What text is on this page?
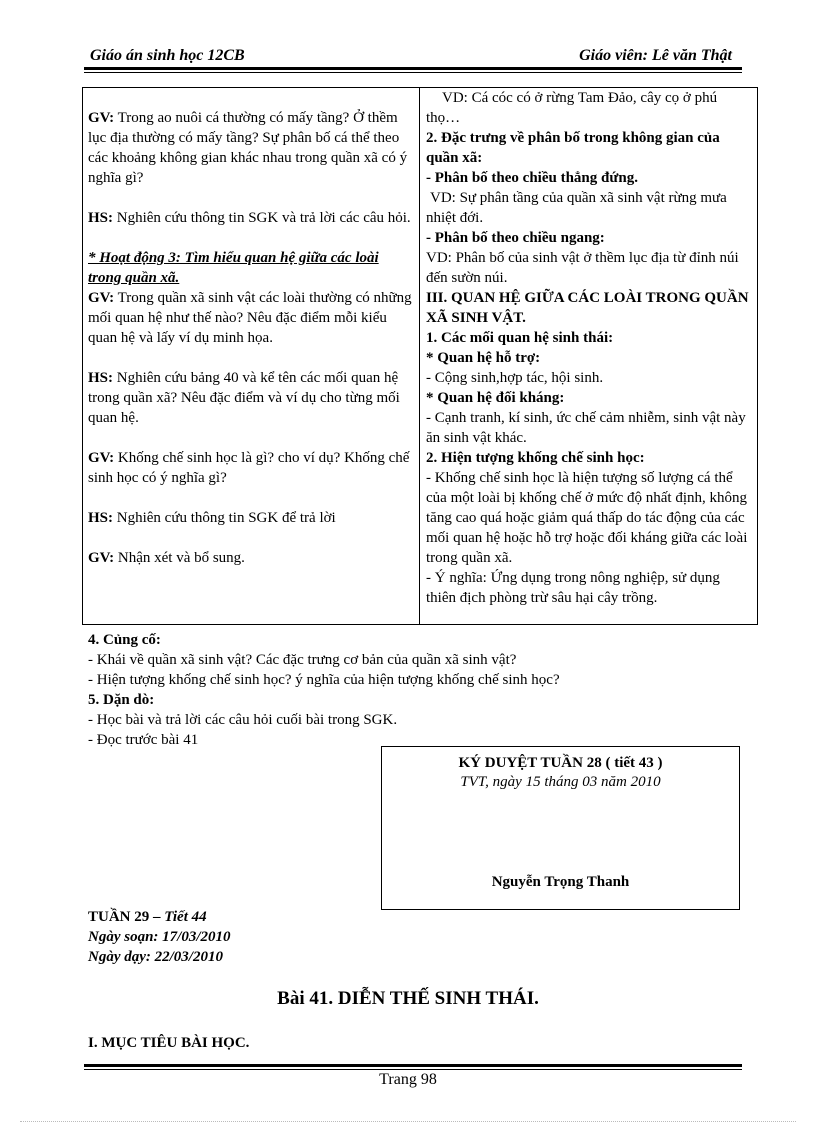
Giáo án sinh học 12CB	Giáo viên: Lê văn Thật

GV: Trong ao nuôi cá thường có mấy tầng? Ở thềm lục địa thường có mấy tầng? Sự phân bố cá thể theo các khoảng không gian khác nhau trong quần xã có ý nghĩa gì?

HS: Nghiên cứu thông tin SGK và trả lời các câu hỏi.

* Hoạt động 3: Tìm hiểu quan hệ giữa các loài trong quần xã.

GV: Trong quần xã sinh vật các loài thường có những mối quan hệ như thế nào? Nêu đặc điểm mỗi kiểu quan hệ và lấy ví dụ minh họa.

HS: Nghiên cứu bảng 40 và kể tên các mối quan hệ trong quần xã? Nêu đặc điểm và ví dụ cho từng mối quan hệ.

GV: Khống chế sinh học là gì? cho ví dụ? Khống chế sinh học có ý nghĩa gì?

HS: Nghiên cứu thông tin SGK để trả lời

GV: Nhận xét và bổ sung.

VD: Cá cóc có ở rừng Tam Đảo, cây cọ ở phú thọ…

2. Đặc trưng về phân bố trong không gian của quần xã:

- Phân bố theo chiều thẳng đứng.

VD: Sự phân tầng của quần xã sinh vật rừng mưa nhiệt đới.

- Phân bố theo chiều ngang:

VD: Phân bố của sinh vật ở thềm lục địa từ đỉnh núi đến sườn núi.

III. QUAN HỆ GIỮA CÁC LOÀI TRONG QUẦN XÃ SINH VẬT.

1. Các mối quan hệ sinh thái:

* Quan hệ hỗ trợ:

- Cộng sinh,hợp tác, hội sinh.

* Quan hệ đối kháng:

- Cạnh tranh, kí sinh, ức chế cảm nhiễm, sinh vật này ăn sinh vật khác.

2. Hiện tượng khống chế sinh học:

- Khống chế sinh học là hiện tượng số lượng cá thể của một loài bị khống chế ở mức độ nhất định, không tăng cao quá hoặc giảm quá thấp do tác động của các mối quan hệ hoặc hỗ trợ hoặc đối kháng giữa các loài trong quần xã.

- Ý nghĩa: Ứng dụng trong nông nghiệp, sử dụng thiên địch phòng trừ sâu hại cây trồng.

4. Củng cố:

- Khái về quần xã sinh vật? Các đặc trưng cơ bản của quần xã sinh vật?

- Hiện tượng khống chế sinh học? ý nghĩa của hiện tượng khống chế sinh học?

5. Dặn dò:

- Học bài và trả lời các câu hỏi cuối bài trong SGK.

- Đọc trước bài 41

KÝ DUYỆT TUẦN 28 ( tiết 43 )
TVT, ngày 15 tháng 03 năm 2010
Nguyễn Trọng Thanh
TUẦN 29 – Tiết 44
Ngày soạn: 17/03/2010
Ngày dạy: 22/03/2010
Bài 41. DIỄN THẾ SINH THÁI.
I. MỤC TIÊU BÀI HỌC.
Trang 98
